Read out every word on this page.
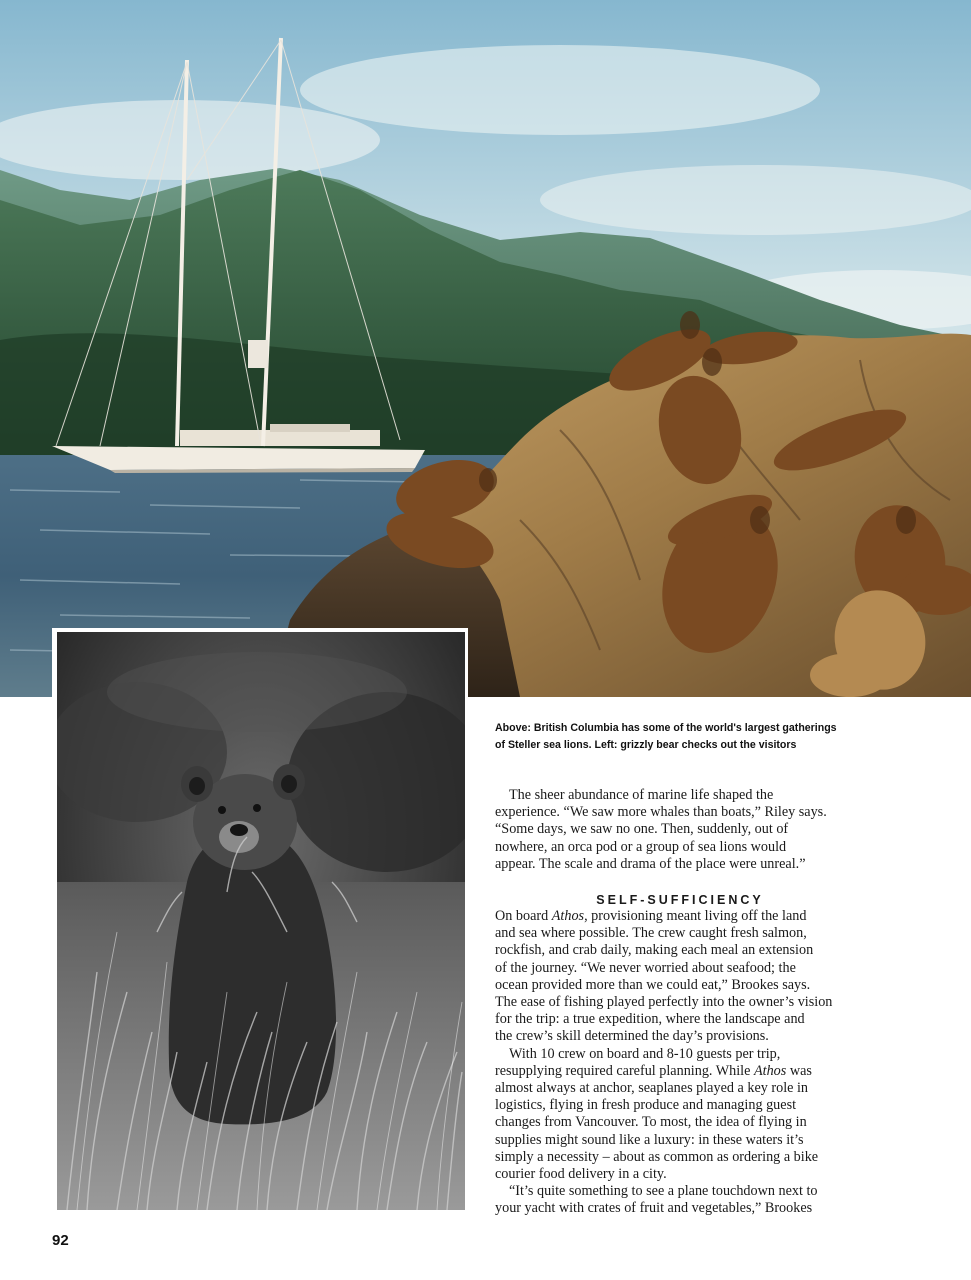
Above: British Columbia has some of the world's largest gatherings
of Steller sea lions. Left: grizzly bear checks out the visitors
The sheer abundance of marine life shaped the
experience. “We saw more whales than boats,” Riley says.
“Some days, we saw no one. Then, suddenly, out of
nowhere, an orca pod or a group of sea lions would
appear. The scale and drama of the place were unreal.”
SELF-SUFFICIENCY
On board Athos, provisioning meant living off the land
and sea where possible. The crew caught fresh salmon,
rockfish, and crab daily, making each meal an extension
of the journey. “We never worried about seafood; the
ocean provided more than we could eat,” Brookes says.
The ease of fishing played perfectly into the owner’s vision
for the trip: a true expedition, where the landscape and
the crew’s skill determined the day’s provisions.
With 10 crew on board and 8-10 guests per trip,
resupplying required careful planning. While Athos was
almost always at anchor, seaplanes played a key role in
logistics, flying in fresh produce and managing guest
changes from Vancouver. To most, the idea of flying in
supplies might sound like a luxury: in these waters it’s
simply a necessity – about as common as ordering a bike
courier food delivery in a city.
“It’s quite something to see a plane touchdown next to
your yacht with crates of fruit and vegetables,” Brookes
92
